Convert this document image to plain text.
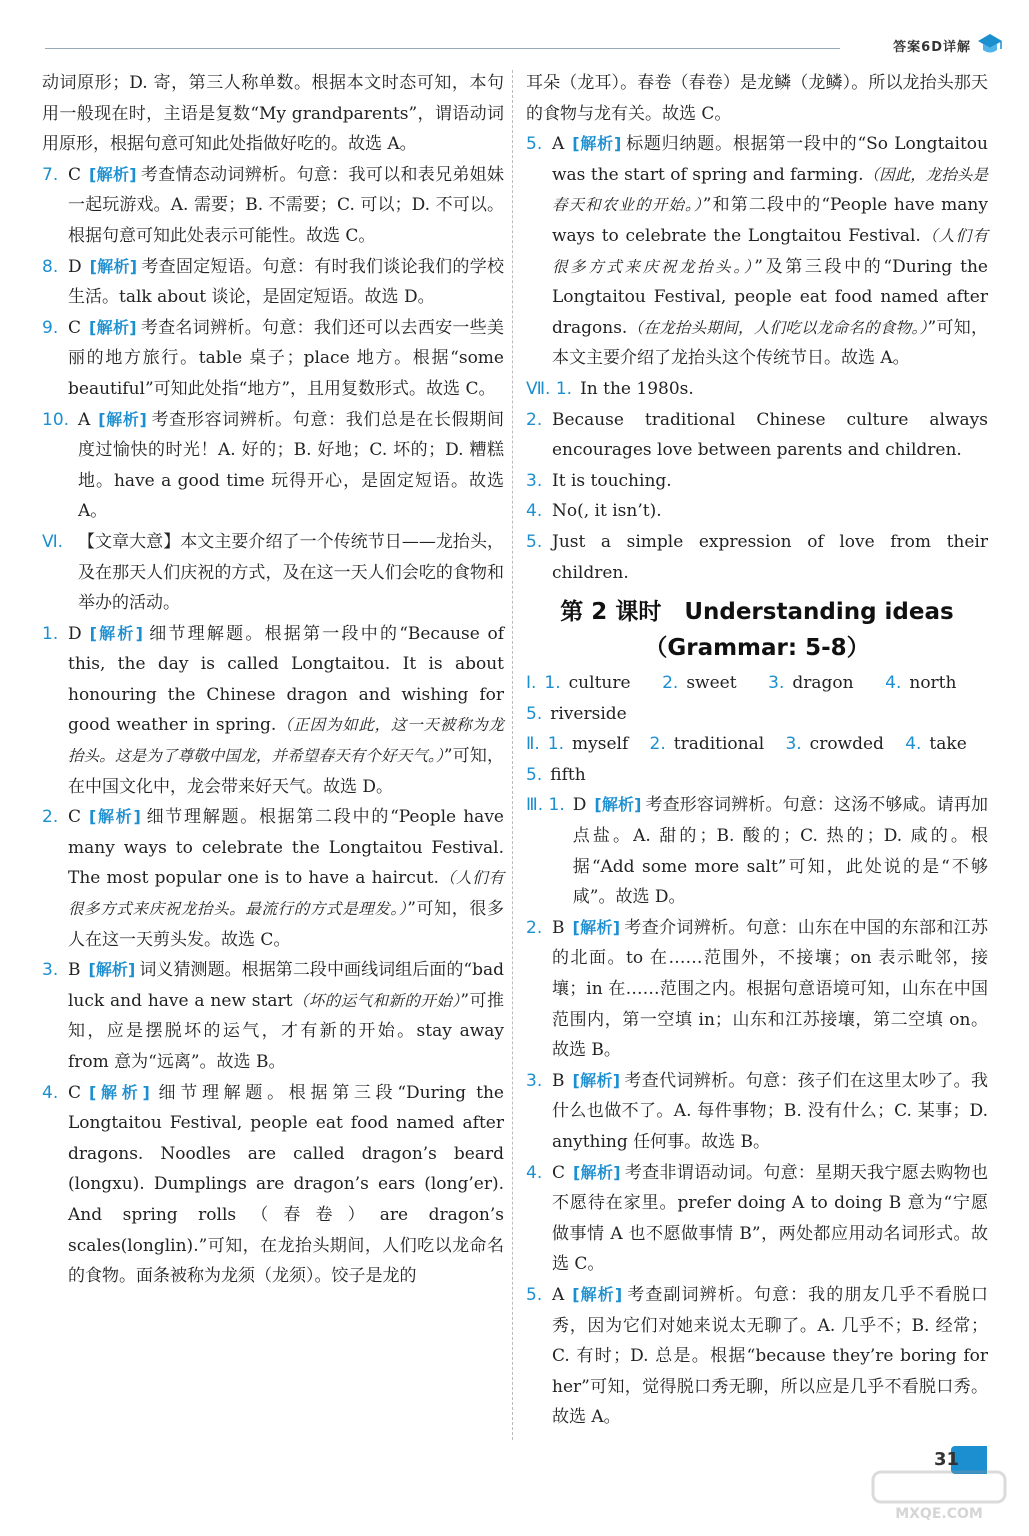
答案6D详解
动词原形；D. 寄，第三人称单数。根据本文时态可知，本句用一般现在时，主语是复数“My grandparents”，谓语动词用原形，根据句意可知此处指做好吃的。故选 A。
7. C [解析] 考查情态动词辨析。句意：我可以和表兄弟姐妹一起玩游戏。A. 需要；B. 不需要；C. 可以；D. 不可以。根据句意可知此处表示可能性。故选 C。
8. D [解析] 考查固定短语。句意：有时我们谈论我们的学校生活。talk about 谈论，是固定短语。故选 D。
9. C [解析] 考查名词辨析。句意：我们还可以去西安一些美丽的地方旅行。table 桌子；place 地方。根据“some beautiful”可知此处指“地方”，且用复数形式。故选 C。
10. A [解析] 考查形容词辨析。句意：我们总是在长假期间度过愉快的时光！A. 好的；B. 好地；C. 坏的；D. 糟糕地。have a good time 玩得开心，是固定短语。故选 A。
Ⅵ. 【文章大意】本文主要介绍了一个传统节日——龙抬头，及在那天人们庆祝的方式，及在这一天人们会吃的食物和举办的活动。
1. D [解析] 细节理解题。根据第一段中的“Because of this, the day is called Longtaitou. It is about honouring the Chinese dragon and wishing for good weather in spring.（正因为如此，这一天被称为龙抬头。这是为了尊敬中国龙，并希望春天有个好天气。）”可知，在中国文化中，龙会带来好天气。故选 D。
2. C [解析] 细节理解题。根据第二段中的“People have many ways to celebrate the Longtaitou Festival. The most popular one is to have a haircut.（人们有很多方式来庆祝龙抬头。最流行的方式是理发。）”可知，很多人在这一天剪头发。故选 C。
3. B [解析] 词义猜测题。根据第二段中画线词组后面的“bad luck and have a new start（坏的运气和新的开始）”可推知，应是摆脱坏的运气，才有新的开始。stay away from 意为“远离”。故选 B。
4. C [解析] 细节理解题。根据第三段“During the Longtaitou Festival, people eat food named after dragons. Noodles are called dragon’s beard (longxu). Dumplings are dragon’s ears (long’er). And spring rolls（春卷）are dragon’s scales(longlin).”可知，在龙抬头期间，人们吃以龙命名的食物。面条被称为龙须（龙须）。饺子是龙的
耳朵（龙耳）。春卷（春卷）是龙鳞（龙鳞）。所以龙抬头那天的食物与龙有关。故选 C。
5. A [解析] 标题归纳题。根据第一段中的“So Longtaitou was the start of spring and farming.（因此，龙抬头是春天和农业的开始。）”和第二段中的“People have many ways to celebrate the Longtaitou Festival.（人们有很多方式来庆祝龙抬头。）”及第三段中的“During the Longtaitou Festival, people eat food named after dragons.（在龙抬头期间，人们吃以龙命名的食物。）”可知，本文主要介绍了龙抬头这个传统节日。故选 A。
Ⅶ. 1. In the 1980s.
2. Because traditional Chinese culture always encourages love between parents and children.
3. It is touching.
4. No(, it isn’t).
5. Just a simple expression of love from their children.
第 2 课时　Understanding ideas
（Grammar: 5-8）
Ⅰ. 1. culture	2. sweet	3. dragon	4. north
5. riverside
Ⅱ. 1. myself	2. traditional	3. crowded	4. take
5. fifth
Ⅲ. 1. D [解析] 考查形容词辨析。句意：这汤不够咸。请再加点盐。A. 甜的；B. 酸的；C. 热的；D. 咸的。根据“Add some more salt”可知，此处说的是“不够咸”。故选 D。
2. B [解析] 考查介词辨析。句意：山东在中国的东部和江苏的北面。to 在……范围外，不接壤；on 表示毗邻，接壤；in 在……范围之内。根据句意语境可知，山东在中国范围内，第一空填 in；山东和江苏接壤，第二空填 on。故选 B。
3. B [解析] 考查代词辨析。句意：孩子们在这里太吵了。我什么也做不了。A. 每件事物；B. 没有什么；C. 某事；D. anything 任何事。故选 B。
4. C [解析] 考查非谓语动词。句意：星期天我宁愿去购物也不愿待在家里。prefer doing A to doing B 意为“宁愿做事情 A 也不愿做事情 B”，两处都应用动名词形式。故选 C。
5. A [解析] 考查副词辨析。句意：我的朋友几乎不看脱口秀，因为它们对她来说太无聊了。A. 几乎不；B. 经常；C. 有时；D. 总是。根据“because they’re boring for her”可知，觉得脱口秀无聊，所以应是几乎不看脱口秀。故选 A。
31
MXQE.COM
